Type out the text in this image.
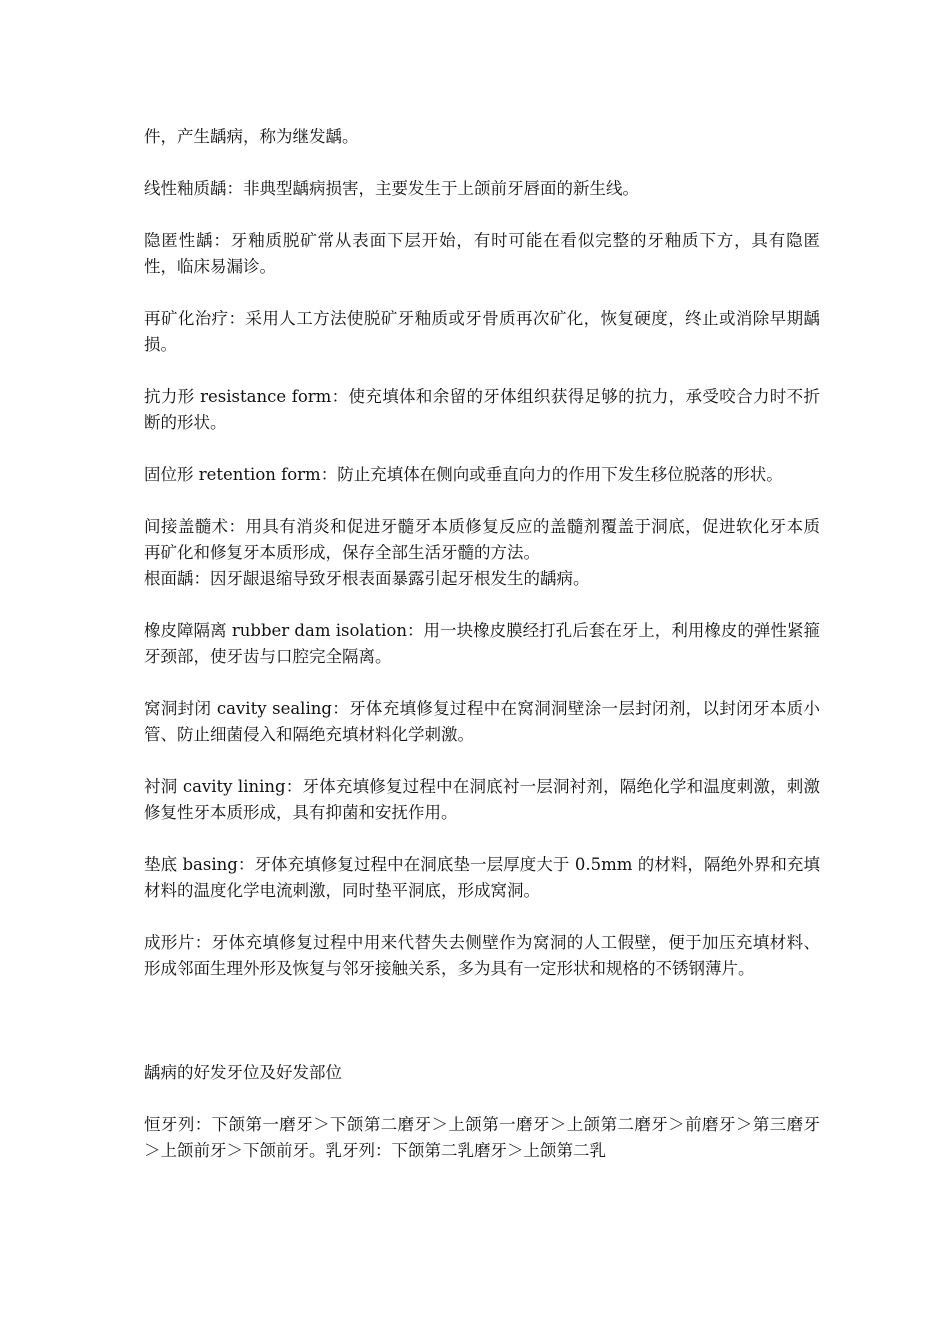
件，产生龋病，称为继发龋。

线性釉质龋：非典型龋病损害，主要发生于上颌前牙唇面的新生线。

隐匿性龋：牙釉质脱矿常从表面下层开始，有时可能在看似完整的牙釉质下方，具有隐匿性，临床易漏诊。

再矿化治疗：采用人工方法使脱矿牙釉质或牙骨质再次矿化，恢复硬度，终止或消除早期龋损。

抗力形 resistance form：使充填体和余留的牙体组织获得足够的抗力，承受咬合力时不折断的形状。

固位形 retention form：防止充填体在侧向或垂直向力的作用下发生移位脱落的形状。

间接盖髓术：用具有消炎和促进牙髓牙本质修复反应的盖髓剂覆盖于洞底，促进软化牙本质再矿化和修复牙本质形成，保存全部生活牙髓的方法。

根面龋：因牙龈退缩导致牙根表面暴露引起牙根发生的龋病。

橡皮障隔离 rubber dam isolation：用一块橡皮膜经打孔后套在牙上，利用橡皮的弹性紧箍牙颈部，使牙齿与口腔完全隔离。

窝洞封闭 cavity sealing：牙体充填修复过程中在窝洞洞壁涂一层封闭剂，以封闭牙本质小管、防止细菌侵入和隔绝充填材料化学刺激。

衬洞 cavity lining：牙体充填修复过程中在洞底衬一层洞衬剂，隔绝化学和温度刺激，刺激修复性牙本质形成，具有抑菌和安抚作用。

垫底 basing：牙体充填修复过程中在洞底垫一层厚度大于 0.5mm 的材料，隔绝外界和充填材料的温度化学电流刺激，同时垫平洞底，形成窝洞。

成形片：牙体充填修复过程中用来代替失去侧壁作为窝洞的人工假壁，便于加压充填材料、形成邻面生理外形及恢复与邻牙接触关系，多为具有一定形状和规格的不锈钢薄片。

龋病的好发牙位及好发部位

恒牙列：下颌第一磨牙＞下颌第二磨牙＞上颌第一磨牙＞上颌第二磨牙＞前磨牙＞第三磨牙＞上颌前牙＞下颌前牙。乳牙列：下颌第二乳磨牙＞上颌第二乳
